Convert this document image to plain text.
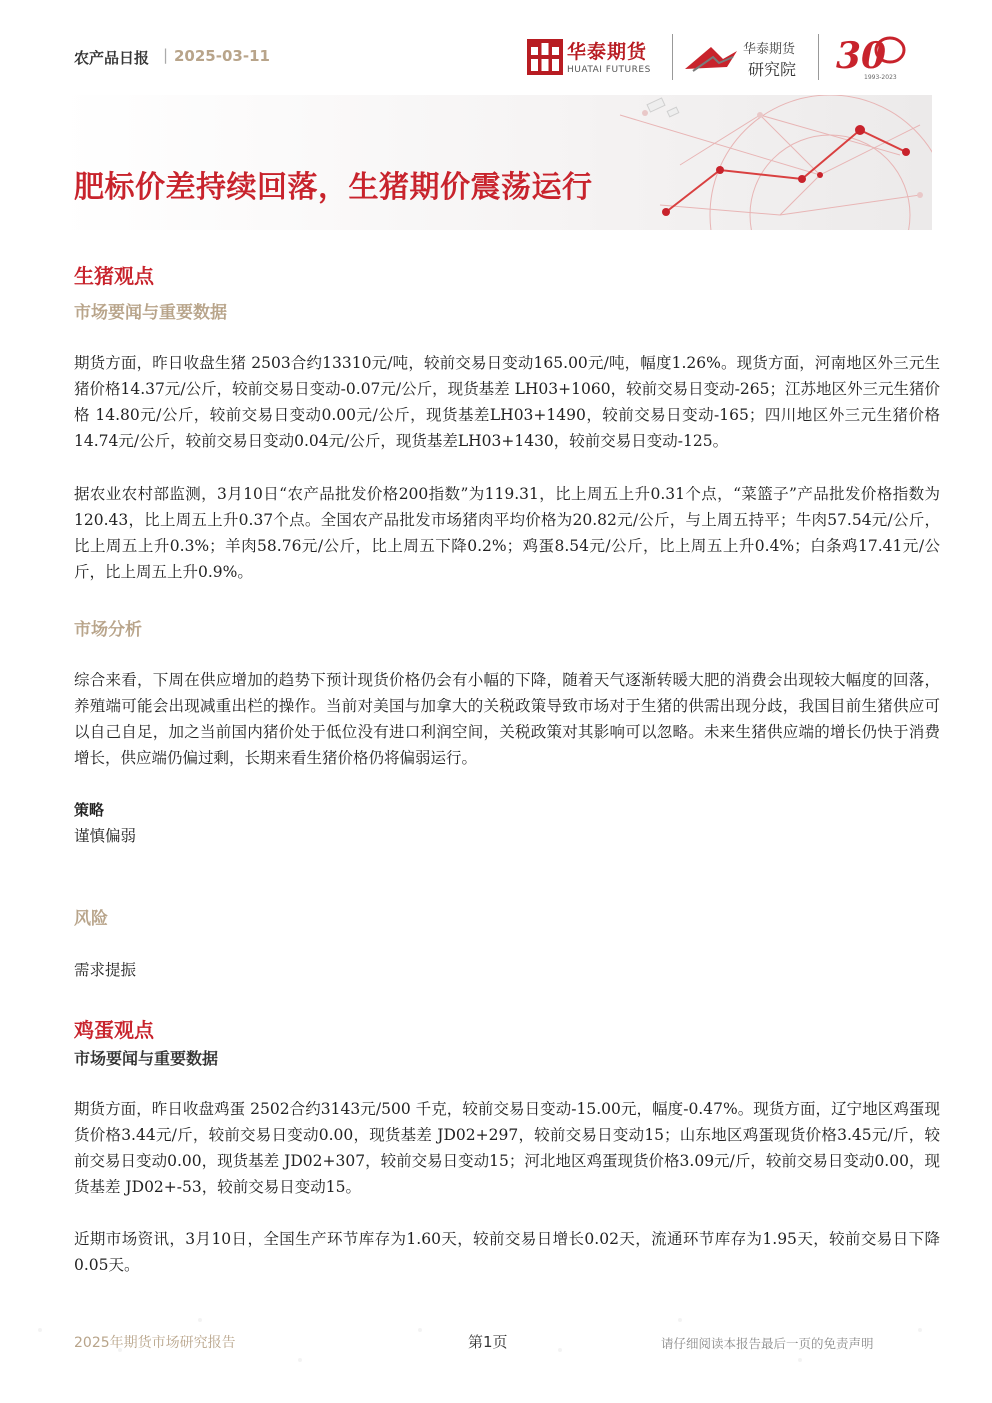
农产品日报 | 2025-03-11	华泰期货
HUATAI FUTURES
华泰期货
研究院 30
1993-2023
肥标价差持续回落，生猪期价震荡运行
生猪观点
市场要闻与重要数据

期货方面，昨日收盘生猪 2503合约13310元/吨，较前交易日变动165.00元/吨，幅度1.26%。现货方面，河南地区外三元生猪价格14.37元/公斤，较前交易日变动-0.07元/公斤，现货基差 LH03+1060，较前交易日变动-265；江苏地区外三元生猪价格 14.80元/公斤，较前交易日变动0.00元/公斤，现货基差LH03+1490，较前交易日变动-165；四川地区外三元生猪价格14.74元/公斤，较前交易日变动0.04元/公斤，现货基差LH03+1430，较前交易日变动-125。

据农业农村部监测，3月10日“农产品批发价格200指数”为119.31，比上周五上升0.31个点，“菜篮子”产品批发价格指数为120.43，比上周五上升0.37个点。全国农产品批发市场猪肉平均价格为20.82元/公斤，与上周五持平；牛肉57.54元/公斤，比上周五上升0.3%；羊肉58.76元/公斤，比上周五下降0.2%；鸡蛋8.54元/公斤，比上周五上升0.4%；白条鸡17.41元/公斤，比上周五上升0.9%。

市场分析

综合来看，下周在供应增加的趋势下预计现货价格仍会有小幅的下降，随着天气逐渐转暖大肥的消费会出现较大幅度的回落，养殖端可能会出现减重出栏的操作。当前对美国与加拿大的关税政策导致市场对于生猪的供需出现分歧，我国目前生猪供应可以自己自足，加之当前国内猪价处于低位没有进口利润空间，关税政策对其影响可以忽略。未来生猪供应端的增长仍快于消费增长，供应端仍偏过剩，长期来看生猪价格仍将偏弱运行。

策略
谨慎偏弱
风险
需求提振
鸡蛋观点
市场要闻与重要数据

期货方面，昨日收盘鸡蛋 2502合约3143元/500 千克，较前交易日变动-15.00元，幅度-0.47%。现货方面，辽宁地区鸡蛋现货价格3.44元/斤，较前交易日变动0.00，现货基差 JD02+297，较前交易日变动15；山东地区鸡蛋现货价格3.45元/斤，较前交易日变动0.00，现货基差 JD02+307，较前交易日变动15；河北地区鸡蛋现货价格3.09元/斤，较前交易日变动0.00，现货基差 JD02+-53，较前交易日变动15。

近期市场资讯，3月10日，全国生产环节库存为1.60天，较前交易日增长0.02天，流通环节库存为1.95天，较前交易日下降0.05天。

2025年期货市场研究报告	第1页	请仔细阅读本报告最后一页的免责声明
